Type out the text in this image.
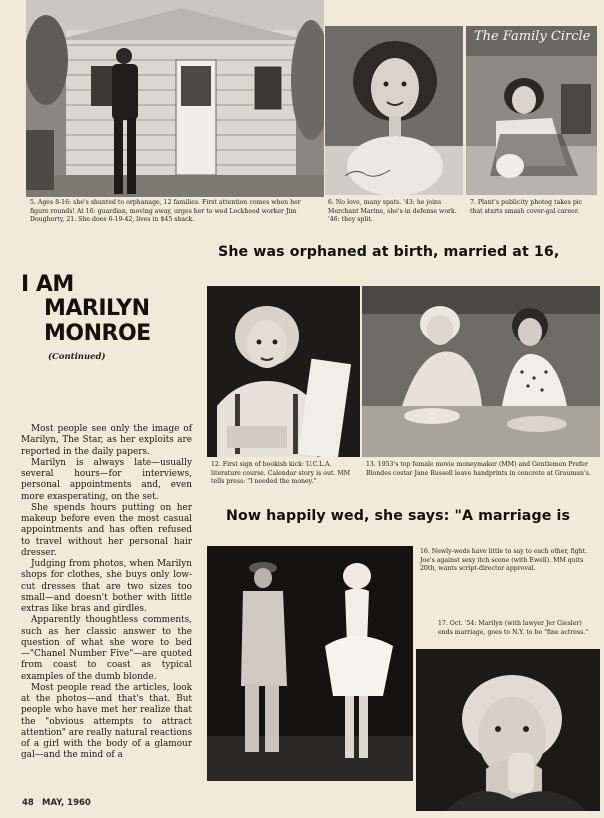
The Family Circle
5. Ages 8-16: she's shunted to orphanage, 12 families. First attention comes when her figure rounds! At 16: guardian, moving away, urges her to wed Lockheed worker Jim Dougherty, 21. She does 6-19-42, lives in $45 shack.
6. No love, many spats. '43: he joins Merchant Marine, she's in defense work. '46: they split.
7. Plant's publicity photog takes pic that starts smash cover-gal career.
She was orphaned at birth, married at 16,
I AM
MARILYN
MONROE
(Continued)
12. First sign of bookish kick: U.C.L.A. literature course. Calendar story is out. MM tells press: "I needed the money."
13. 1953's top female movie moneymaker (MM) and Gentlemen Prefer Blondes costar Jane Russell leave handprints in concrete at Grauman's.
Now happily wed, she says: "A marriage is

Most people see only the image of Marilyn, The Star, as her exploits are reported in the daily papers.

Marilyn is always late—usually several hours—for interviews, personal appointments and, even more exasperating, on the set.

She spends hours putting on her makeup before even the most casual appointments and has often refused to travel without her personal hair dresser.

Judging from photos, when Marilyn shops for clothes, she buys only low-cut dresses that are two sizes too small—and doesn't bother with little extras like bras and girdles.

Apparently thoughtless comments, such as her classic answer to the question of what she wore to bed—"Chanel Number Five"—are quoted from coast to coast as typical examples of the dumb blonde.

Most people read the articles, look at the photos—and that's that. But people who have met her realize that the "obvious attempts to attract attention" are really natural reactions of a girl with the body of a glamour gal—and the mind of a

16. Newly-weds have little to say to each other, fight. Joe's against sexy itch scene (with Ewell). MM quits 20th, wants script-director approval.
17. Oct. '54: Marilyn (with lawyer Jer Giesler) ends marriage, goes to N.Y. to be "fine actress."
48 MAY, 1960
